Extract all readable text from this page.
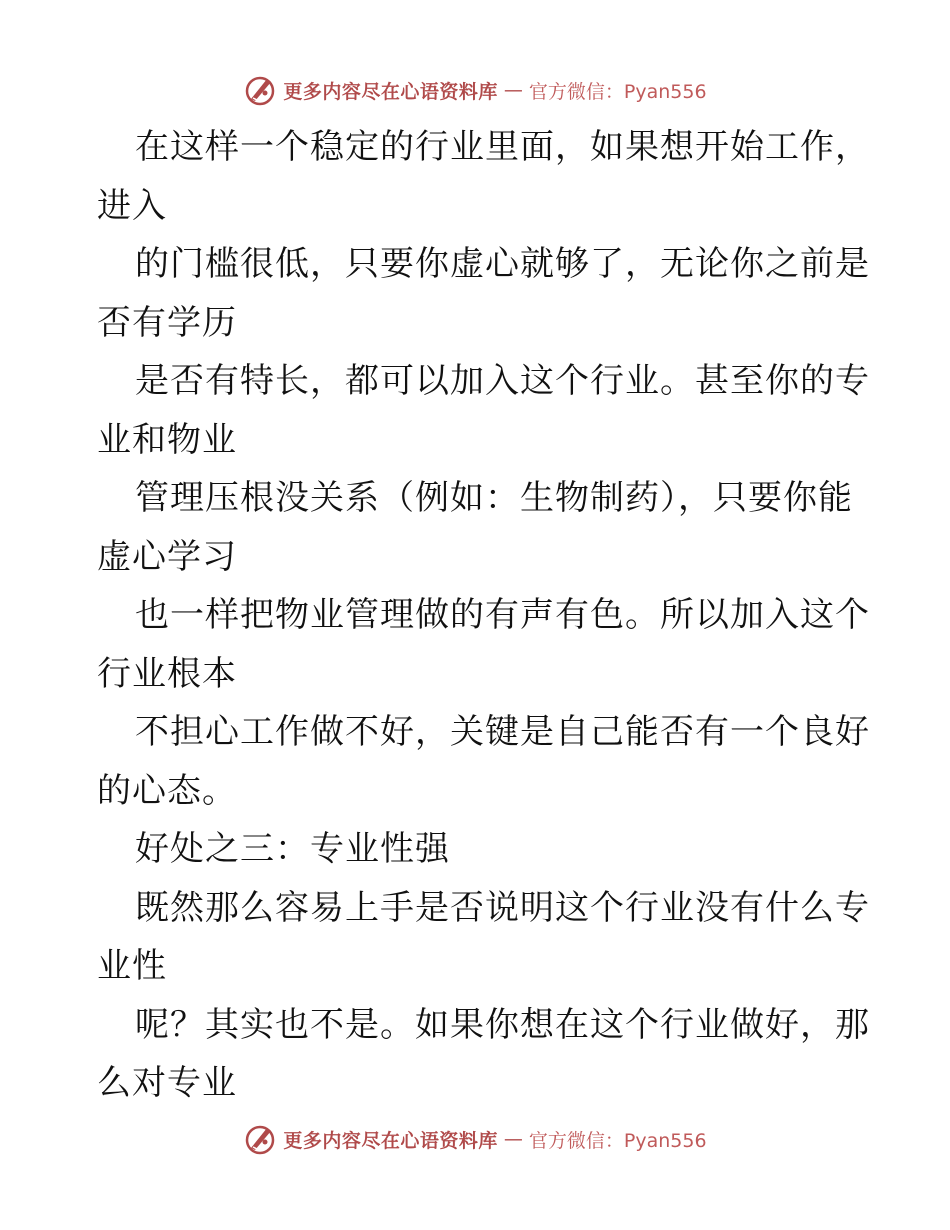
更多内容尽在心语资料库 — 官方微信：Pyan556
在这样一个稳定的行业里面，如果想开始工作，
进入
的门槛很低，只要你虚心就够了，无论你之前是
否有学历
是否有特长，都可以加入这个行业。甚至你的专
业和物业
管理压根没关系（例如：生物制药），只要你能
虚心学习
也一样把物业管理做的有声有色。所以加入这个
行业根本
不担心工作做不好，关键是自己能否有一个良好
的心态。
好处之三：专业性强
既然那么容易上手是否说明这个行业没有什么专
业性
呢？其实也不是。如果你想在这个行业做好，那
么对专业
更多内容尽在心语资料库 — 官方微信：Pyan556
